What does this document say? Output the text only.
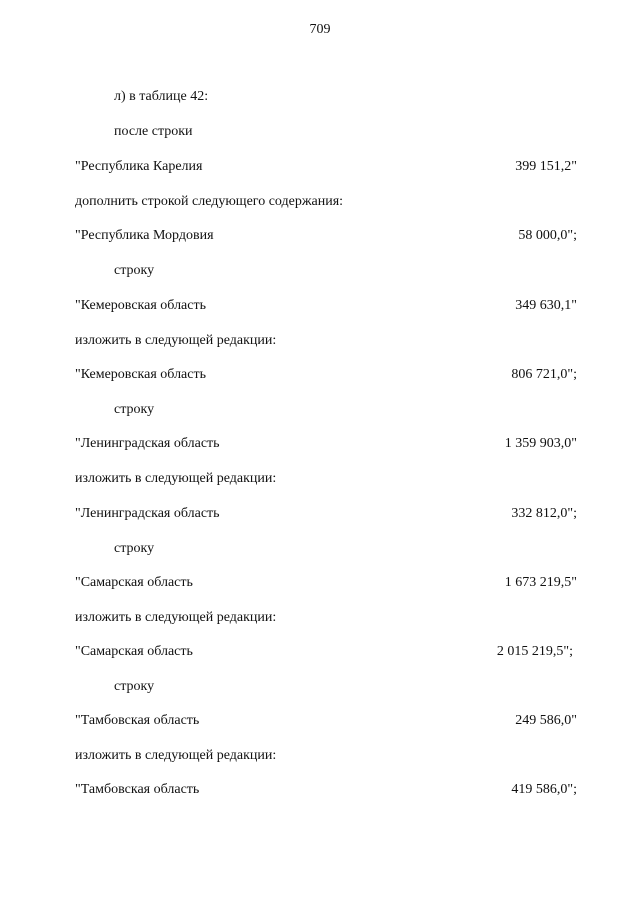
709
л) в таблице 42:
после строки
"Республика Карелия	399 151,2"
дополнить строкой следующего содержания:
"Республика Мордовия	58 000,0";
строку
"Кемеровская область	349 630,1"
изложить в следующей редакции:
"Кемеровская область	806 721,0";
строку
"Ленинградская область	1 359 903,0"
изложить в следующей редакции:
"Ленинградская область	332 812,0";
строку
"Самарская область	1 673 219,5"
изложить в следующей редакции:
"Самарская область	2 015 219,5";
строку
"Тамбовская область	249 586,0"
изложить в следующей редакции:
"Тамбовская область	419 586,0";
